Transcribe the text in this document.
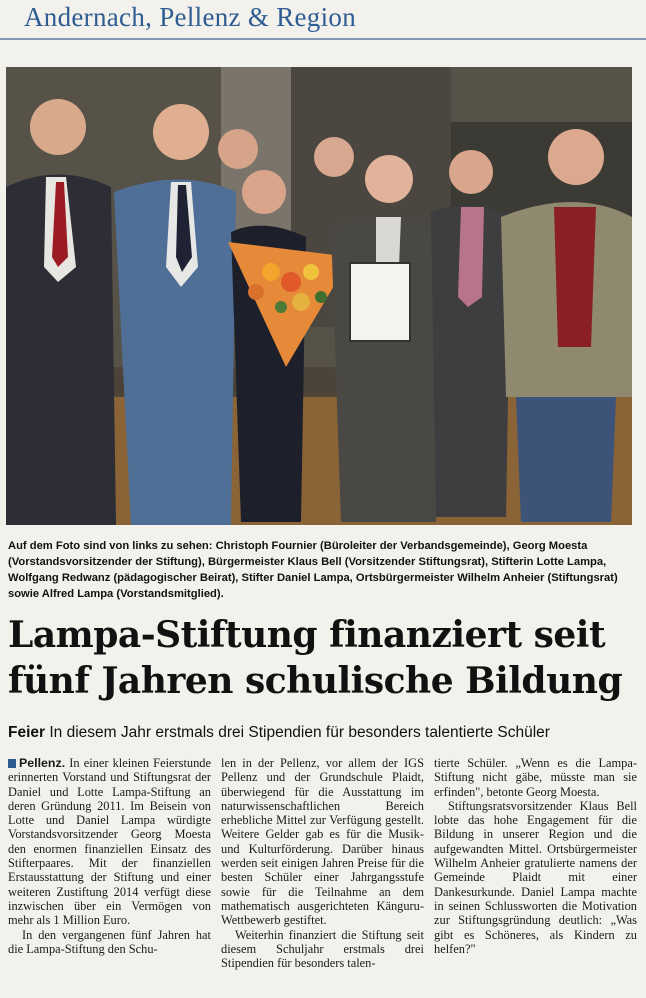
Andernach, Pellenz & Region
Auf dem Foto sind von links zu sehen: Christoph Fournier (Büroleiter der Verbandsgemeinde), Georg Moesta (Vorstandsvorsitzender der Stiftung), Bürgermeister Klaus Bell (Vorsitzender Stiftungsrat), Stifterin Lotte Lampa, Wolfgang Redwanz (pädagogischer Beirat), Stifter Daniel Lampa, Ortsbürgermeister Wilhelm Anheier (Stiftungsrat) sowie Alfred Lampa (Vorstandsmitglied).
Lampa-Stiftung finanziert seit fünf Jahren schulische Bildung
Feier In diesem Jahr erstmals drei Stipendien für besonders talentierte Schüler

Pellenz. In einer kleinen Feierstunde erinnerten Vorstand und Stiftungsrat der Daniel und Lotte Lampa-Stiftung an deren Gründung 2011. Im Beisein von Lotte und Daniel Lampa würdigte Vorstandsvorsitzender Georg Moesta den enormen finanziellen Einsatz des Stifterpaares. Mit der finanziellen Erstausstattung der Stiftung und einer weiteren Zustiftung 2014 verfügt diese inzwischen über ein Vermögen von mehr als 1 Million Euro.

In den vergangenen fünf Jahren hat die Lampa-Stiftung den Schu-

len in der Pellenz, vor allem der IGS Pellenz und der Grundschule Plaidt, überwiegend für die Ausstattung im naturwissenschaftlichen Bereich erhebliche Mittel zur Verfügung gestellt. Weitere Gelder gab es für die Musik- und Kulturförderung. Darüber hinaus werden seit einigen Jahren Preise für die besten Schüler einer Jahrgangsstufe sowie für die Teilnahme an dem mathematisch ausgerichteten Känguru-Wettbewerb gestiftet.

Weiterhin finanziert die Stiftung seit diesem Schuljahr erstmals drei Stipendien für besonders talen-

tierte Schüler. „Wenn es die Lampa-Stiftung nicht gäbe, müsste man sie erfinden", betonte Georg Moesta.

Stiftungsratsvorsitzender Klaus Bell lobte das hohe Engagement für die Bildung in unserer Region und die aufgewandten Mittel. Ortsbürgermeister Wilhelm Anheier gratulierte namens der Gemeinde Plaidt mit einer Dankesurkunde. Daniel Lampa machte in seinen Schlussworten die Motivation zur Stiftungsgründung deutlich: „Was gibt es Schöneres, als Kindern zu helfen?"
